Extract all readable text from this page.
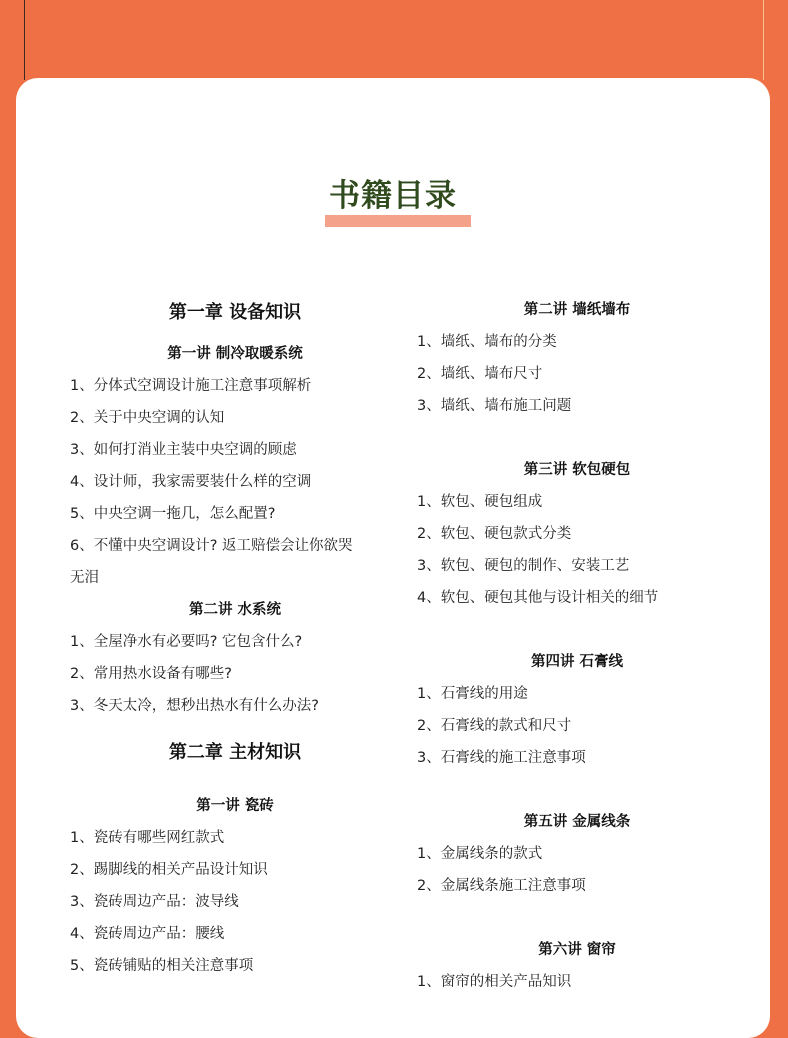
书籍目录
第一章 设备知识
第一讲 制冷取暖系统
1、分体式空调设计施工注意事项解析
2、关于中央空调的认知
3、如何打消业主装中央空调的顾虑
4、设计师，我家需要装什么样的空调
5、中央空调一拖几，怎么配置?
6、不懂中央空调设计? 返工赔偿会让你欲哭
无泪
第二讲 水系统
1、全屋净水有必要吗? 它包含什么?
2、常用热水设备有哪些?
3、冬天太冷，想秒出热水有什么办法?
第二章 主材知识
第一讲 瓷砖
1、瓷砖有哪些网红款式
2、踢脚线的相关产品设计知识
3、瓷砖周边产品：波导线
4、瓷砖周边产品：腰线
5、瓷砖铺贴的相关注意事项
第二讲 墙纸墙布
1、墙纸、墙布的分类
2、墙纸、墙布尺寸
3、墙纸、墙布施工问题
第三讲 软包硬包
1、软包、硬包组成
2、软包、硬包款式分类
3、软包、硬包的制作、安装工艺
4、软包、硬包其他与设计相关的细节
第四讲 石膏线
1、石膏线的用途
2、石膏线的款式和尺寸
3、石膏线的施工注意事项
第五讲 金属线条
1、金属线条的款式
2、金属线条施工注意事项
第六讲 窗帘
1、窗帘的相关产品知识
